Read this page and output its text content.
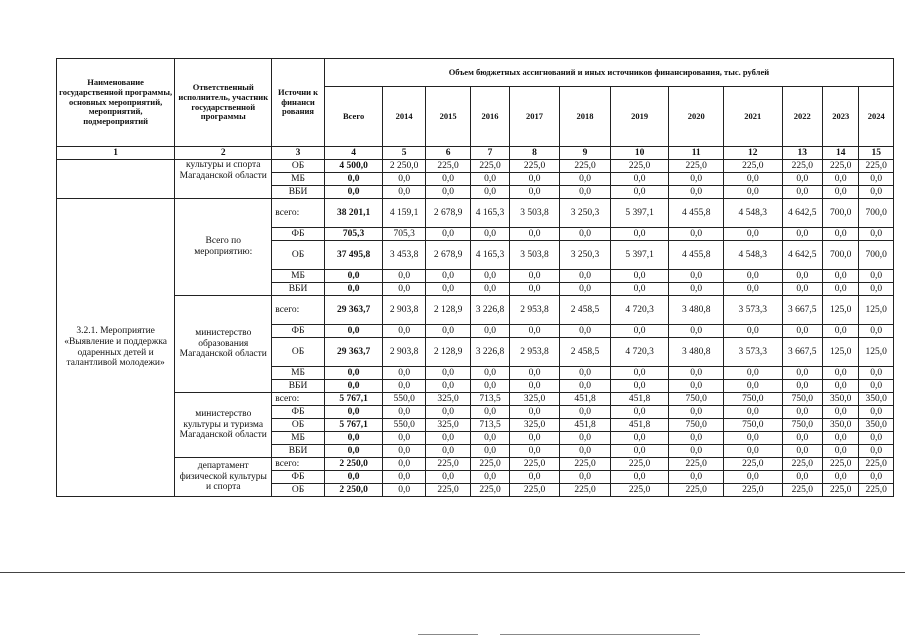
Наименование государственной программы, основных мероприятий, мероприятий, подмероприятий	Ответственный исполнитель, участник государственной программы	Источни к финанси рования	Объем бюджетных ассигнований и иных источников финансирования, тыс. рублей											
			Всего	2014	2015	2016	2017	2018	2019	2020	2021	2022	2023	2024
1	2	3	4	5	6	7	8	9	10	11	12	13	14	15
	культуры и спорта Магаданской области	ОБ	4 500,0	2 250,0	225,0	225,0	225,0	225,0	225,0	225,0	225,0	225,0	225,0	225,0
		МБ	0,0	0,0	0,0	0,0	0,0	0,0	0,0	0,0	0,0	0,0	0,0	0,0
		ВБИ	0,0	0,0	0,0	0,0	0,0	0,0	0,0	0,0	0,0	0,0	0,0	0,0
3.2.1. Мероприятие «Выявление и поддержка одаренных детей и талантливой молодежи»	Всего по мероприятию:	всего:	38 201,1	4 159,1	2 678,9	4 165,3	3 503,8	3 250,3	5 397,1	4 455,8	4 548,3	4 642,5	700,0	700,0
		ФБ	705,3	705,3	0,0	0,0	0,0	0,0	0,0	0,0	0,0	0,0	0,0	0,0
		ОБ	37 495,8	3 453,8	2 678,9	4 165,3	3 503,8	3 250,3	5 397,1	4 455,8	4 548,3	4 642,5	700,0	700,0
		МБ	0,0	0,0	0,0	0,0	0,0	0,0	0,0	0,0	0,0	0,0	0,0	0,0
		ВБИ	0,0	0,0	0,0	0,0	0,0	0,0	0,0	0,0	0,0	0,0	0,0	0,0
	министерство образования Магаданской области	всего:	29 363,7	2 903,8	2 128,9	3 226,8	2 953,8	2 458,5	4 720,3	3 480,8	3 573,3	3 667,5	125,0	125,0
		ФБ	0,0	0,0	0,0	0,0	0,0	0,0	0,0	0,0	0,0	0,0	0,0	0,0
		ОБ	29 363,7	2 903,8	2 128,9	3 226,8	2 953,8	2 458,5	4 720,3	3 480,8	3 573,3	3 667,5	125,0	125,0
		МБ	0,0	0,0	0,0	0,0	0,0	0,0	0,0	0,0	0,0	0,0	0,0	0,0
		ВБИ	0,0	0,0	0,0	0,0	0,0	0,0	0,0	0,0	0,0	0,0	0,0	0,0
	министерство культуры и туризма Магаданской области	всего:	5 767,1	550,0	325,0	713,5	325,0	451,8	451,8	750,0	750,0	750,0	350,0	350,0
		ФБ	0,0	0,0	0,0	0,0	0,0	0,0	0,0	0,0	0,0	0,0	0,0	0,0
		ОБ	5 767,1	550,0	325,0	713,5	325,0	451,8	451,8	750,0	750,0	750,0	350,0	350,0
		МБ	0,0	0,0	0,0	0,0	0,0	0,0	0,0	0,0	0,0	0,0	0,0	0,0
		ВБИ	0,0	0,0	0,0	0,0	0,0	0,0	0,0	0,0	0,0	0,0	0,0	0,0
	департамент физической культуры и спорта	всего:	2 250,0	0,0	225,0	225,0	225,0	225,0	225,0	225,0	225,0	225,0	225,0	225,0
		ФБ	0,0	0,0	0,0	0,0	0,0	0,0	0,0	0,0	0,0	0,0	0,0	0,0
		ОБ	2 250,0	0,0	225,0	225,0	225,0	225,0	225,0	225,0	225,0	225,0	225,0	225,0
